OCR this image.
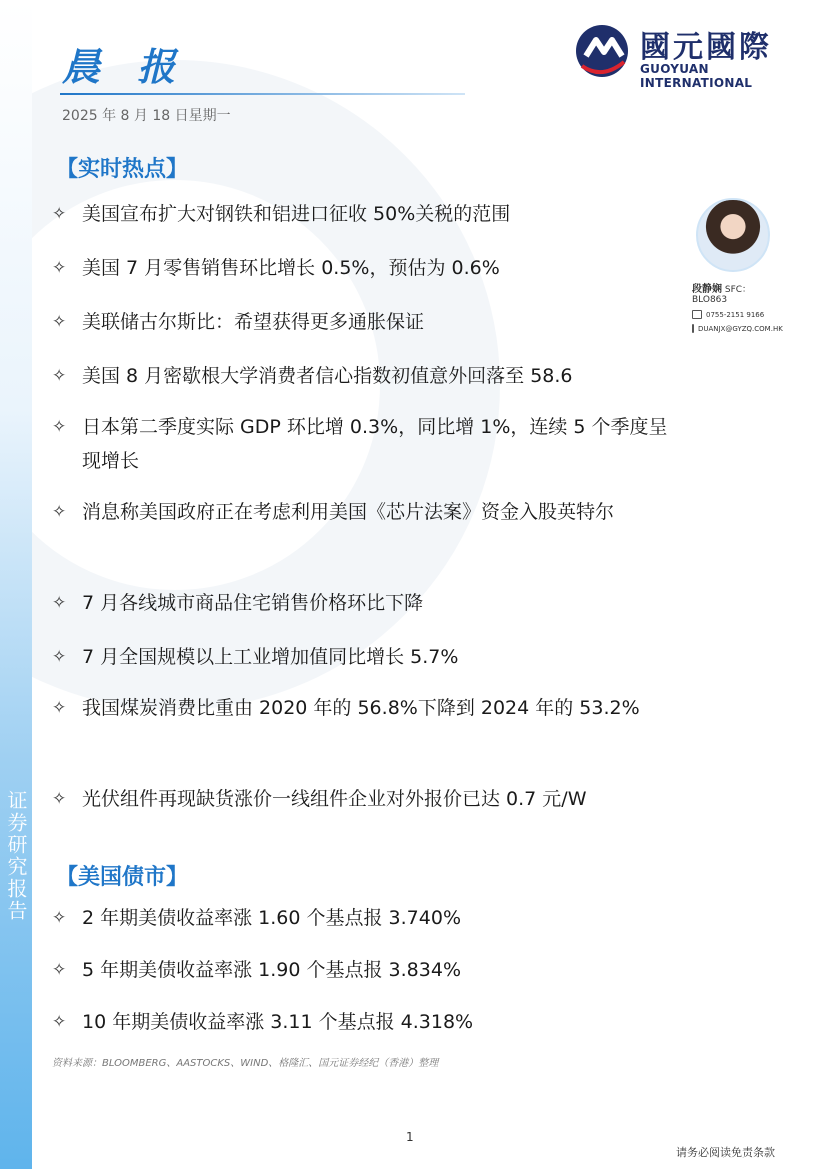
证券研究报告
晨 报
2025 年 8 月 18 日星期一
國元國際
GUOYUAN INTERNATIONAL
段静娴 SFC：BLO863
0755-2151 9166
DUANJX@GYZQ.COM.HK
【实时热点】
✧ 美国宣布扩大对钢铁和铝进口征收 50%关税的范围
✧ 美国 7 月零售销售环比增长 0.5%，预估为 0.6%
✧ 美联储古尔斯比：希望获得更多通胀保证
✧ 美国 8 月密歇根大学消费者信心指数初值意外回落至 58.6
✧ 日本第二季度实际 GDP 环比增 0.3%，同比增 1%，连续 5 个季度呈现增长
✧ 消息称美国政府正在考虑利用美国《芯片法案》资金入股英特尔
✧ 7 月各线城市商品住宅销售价格环比下降
✧ 7 月全国规模以上工业增加值同比增长 5.7%
✧ 我国煤炭消费比重由 2020 年的 56.8%下降到 2024 年的 53.2%
✧ 光伏组件再现缺货涨价一线组件企业对外报价已达 0.7 元/W
【美国债市】
✧ 2 年期美债收益率涨 1.60 个基点报 3.740%
✧ 5 年期美债收益率涨 1.90 个基点报 3.834%
✧ 10 年期美债收益率涨 3.11 个基点报 4.318%
资料来源：BLOOMBERG、AASTOCKS、WIND、格隆汇、国元证券经纪（香港）整理
1
请务必阅读免责条款
